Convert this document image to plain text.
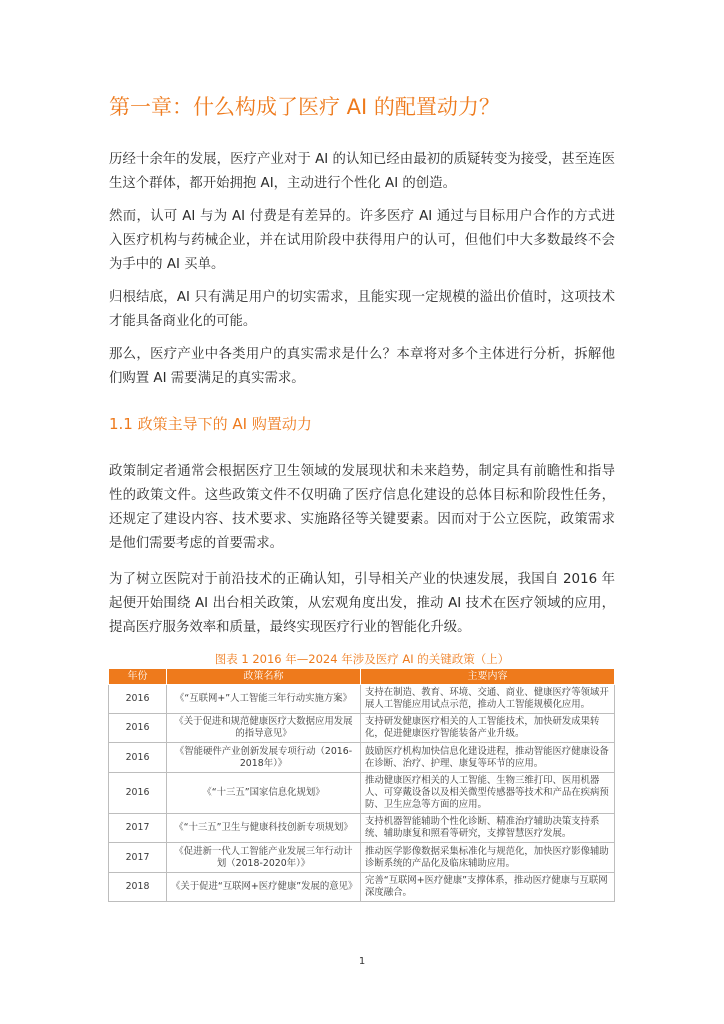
第一章：什么构成了医疗 AI 的配置动力？

历经十余年的发展，医疗产业对于 AI 的认知已经由最初的质疑转变为接受，甚至连医生这个群体，都开始拥抱 AI，主动进行个性化 AI 的创造。

然而，认可 AI 与为 AI 付费是有差异的。许多医疗 AI 通过与目标用户合作的方式进入医疗机构与药械企业，并在试用阶段中获得用户的认可，但他们中大多数最终不会为手中的 AI 买单。

归根结底，AI 只有满足用户的切实需求，且能实现一定规模的溢出价值时，这项技术才能具备商业化的可能。

那么，医疗产业中各类用户的真实需求是什么？本章将对多个主体进行分析，拆解他们购置 AI 需要满足的真实需求。

1.1 政策主导下的 AI 购置动力

政策制定者通常会根据医疗卫生领域的发展现状和未来趋势，制定具有前瞻性和指导性的政策文件。这些政策文件不仅明确了医疗信息化建设的总体目标和阶段性任务，还规定了建设内容、技术要求、实施路径等关键要素。因而对于公立医院，政策需求是他们需要考虑的首要需求。

为了树立医院对于前沿技术的正确认知，引导相关产业的快速发展，我国自 2016 年起便开始围绕 AI 出台相关政策，从宏观角度出发，推动 AI 技术在医疗领域的应用，提高医疗服务效率和质量，最终实现医疗行业的智能化升级。

图表 1 2016 年—2024 年涉及医疗 AI 的关键政策（上）

年份	政策名称	主要内容
2016	《“互联网+”人工智能三年行动实施方案》	支持在制造、教育、环境、交通、商业、健康医疗等领域开展人工智能应用试点示范，推动人工智能规模化应用。
2016	《关于促进和规范健康医疗大数据应用发展的指导意见》	支持研发健康医疗相关的人工智能技术，加快研发成果转化，促进健康医疗智能装备产业升级。
2016	《智能硬件产业创新发展专项行动（2016-2018年）》	鼓励医疗机构加快信息化建设进程，推动智能医疗健康设备在诊断、治疗、护理、康复等环节的应用。
2016	《“十三五”国家信息化规划》	推动健康医疗相关的人工智能、生物三维打印、医用机器人、可穿戴设备以及相关微型传感器等技术和产品在疾病预防、卫生应急等方面的应用。
2017	《“十三五”卫生与健康科技创新专项规划》	支持机器智能辅助个性化诊断、精准治疗辅助决策支持系统、辅助康复和照看等研究，支撑智慧医疗发展。
2017	《促进新一代人工智能产业发展三年行动计划（2018-2020年）》	推动医学影像数据采集标准化与规范化，加快医疗影像辅助诊断系统的产品化及临床辅助应用。
2018	《关于促进“互联网+医疗健康”发展的意见》	完善“互联网+医疗健康”支撑体系，推动医疗健康与互联网深度融合。

1
